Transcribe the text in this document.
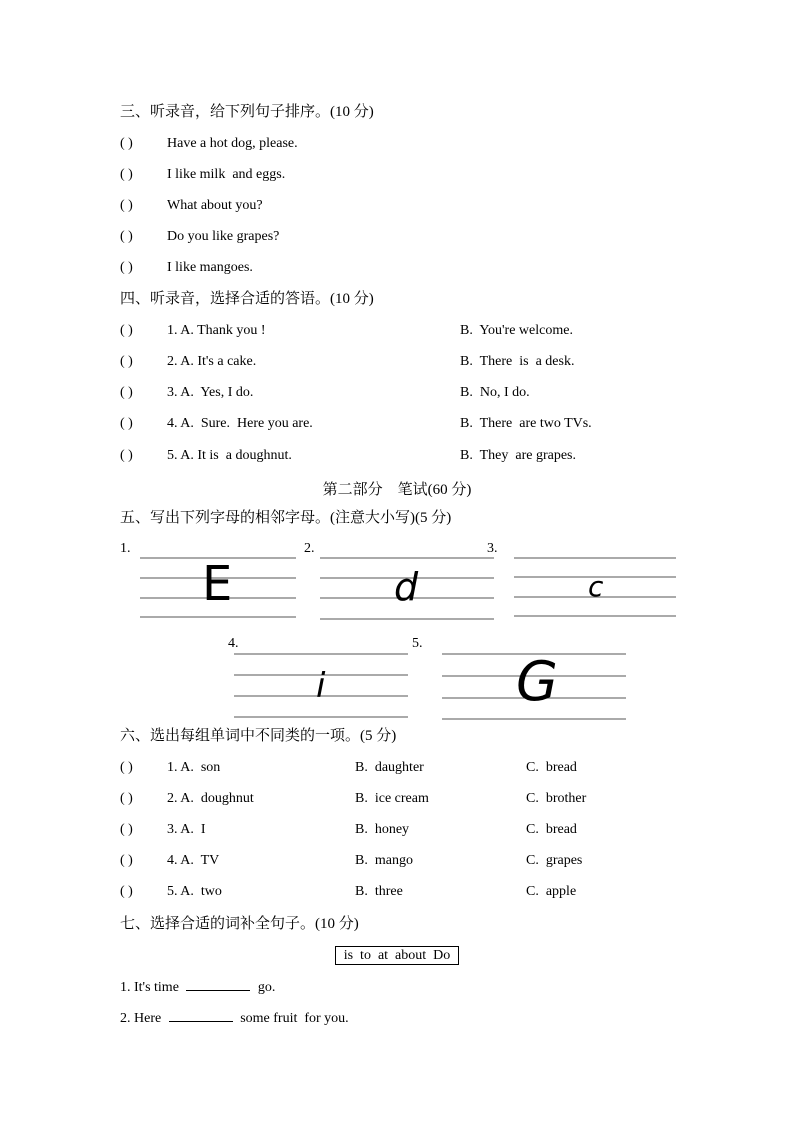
三、听录音，给下列句子排序。(10 分)
( ) Have a hot dog, please.
( ) I like milk  and eggs.
( ) What about you?
( ) Do you like grapes?
( ) I like mangoes.
四、听录音，选择合适的答语。(10 分)
( ) 1. A. Thank you !	B.  You're welcome.
( ) 2. A. It's a cake.	B.  There  is  a desk.
( ) 3. A.  Yes, I do.	B.  No, I do.
( ) 4. A.  Sure.  Here you are.	B.  There  are two TVs.
( ) 5. A. It is  a doughnut.	B.  They  are grapes.
第二部分    笔试(60 分)
五、写出下列字母的相邻字母。(注意大小写)(5 分)
E	d	c
i	G
1.	2.	3.
4.	5.
六、选出每组单词中不同类的一项。(5 分)
( ) 1. A.  son	B.  daughter	C.  bread
( ) 2. A.  doughnut	B.  ice cream	C.  brother
( ) 3. A.  I	B.  honey	C.  bread
( ) 4. A.  TV	B.  mango	C.  grapes
( ) 5. A.  two	B.  three	C.  apple
七、选择合适的词补全句子。(10 分)
is  to  at  about  Do
1. It's time	go.
2. Here	some fruit  for you.
